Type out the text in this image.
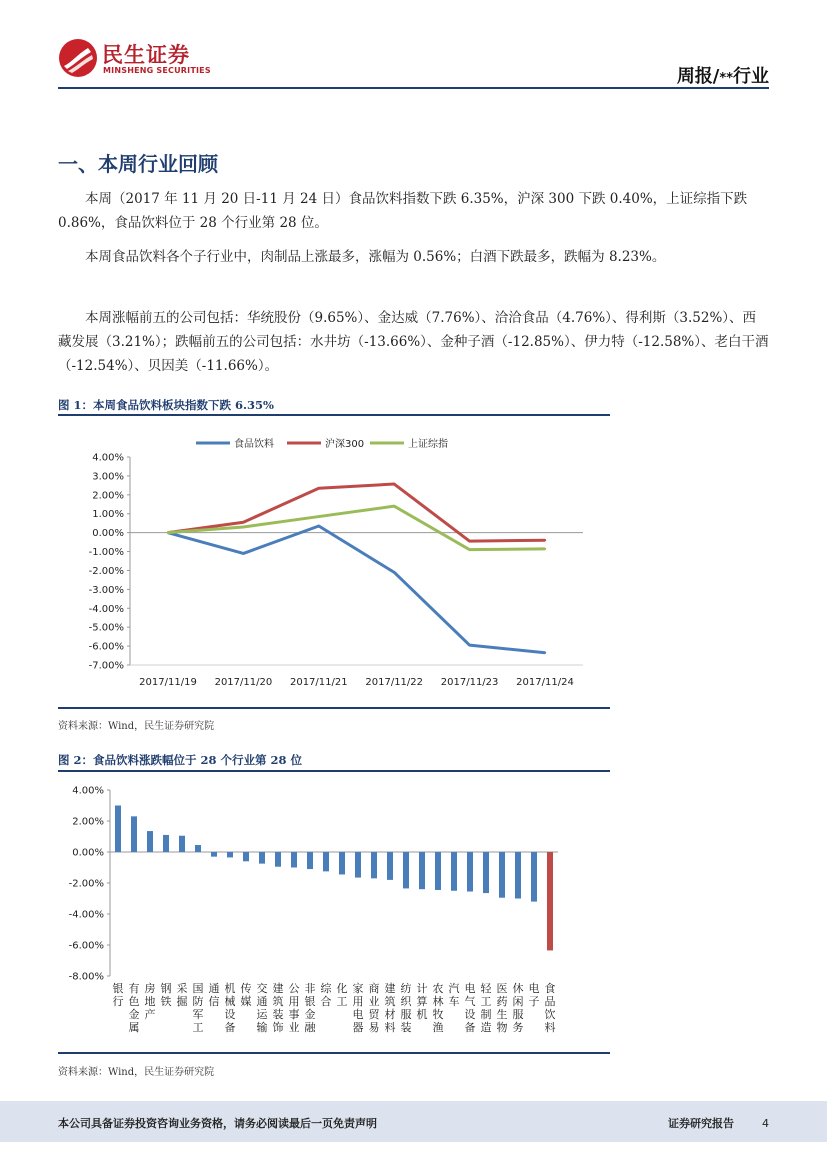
民生证券
MINSHENG SECURITIES	周报/**行业
一、本周行业回顾

本周（2017 年 11 月 20 日-11 月 24 日）食品饮料指数下跌 6.35%，沪深 300 下跌 0.40%，上证综指下跌 0.86%，食品饮料位于 28 个行业第 28 位。

本周食品饮料各个子行业中，肉制品上涨最多，涨幅为 0.56%；白酒下跌最多，跌幅为 8.23%。

本周涨幅前五的公司包括：华统股份（9.65%）、金达威（7.76%）、洽洽食品（4.76%）、得利斯（3.52%）、西藏发展（3.21%）；跌幅前五的公司包括：水井坊（-13.66%）、金种子酒（-12.85%）、伊力特（-12.58%）、老白干酒（-12.54%）、贝因美（-11.66%）。

图 1：本周食品饮料板块指数下跌 6.35%
食品饮料	沪深300	上证综指
4.00%
3.00%
2.00%
1.00%
0.00%
-1.00%
-2.00%
-3.00%
-4.00%
-5.00%
-6.00%
-7.00%
2017/11/19 2017/11/20 2017/11/21 2017/11/22 2017/11/23 2017/11/24
资料来源：Wind，民生证券研究院
图 2：食品饮料涨跌幅位于 28 个行业第 28 位
4.00%
2.00%
0.00%
-2.00%
-4.00%
-6.00%
-8.00%
银行
有色金属
房地产
钢铁
采掘
国防军工
通信
机械设备
传媒
交通运输
建筑装饰
公用事业
非银金融
综合
化工
家用电器
商业贸易
建筑材料
纺织服装
计算机
农林牧渔
汽车
电气设备
轻工制造
医药生物
休闲服务
电子
食品饮料
资料来源：Wind，民生证券研究院
本公司具备证券投资咨询业务资格，请务必阅读最后一页免责声明	证券研究报告	4
